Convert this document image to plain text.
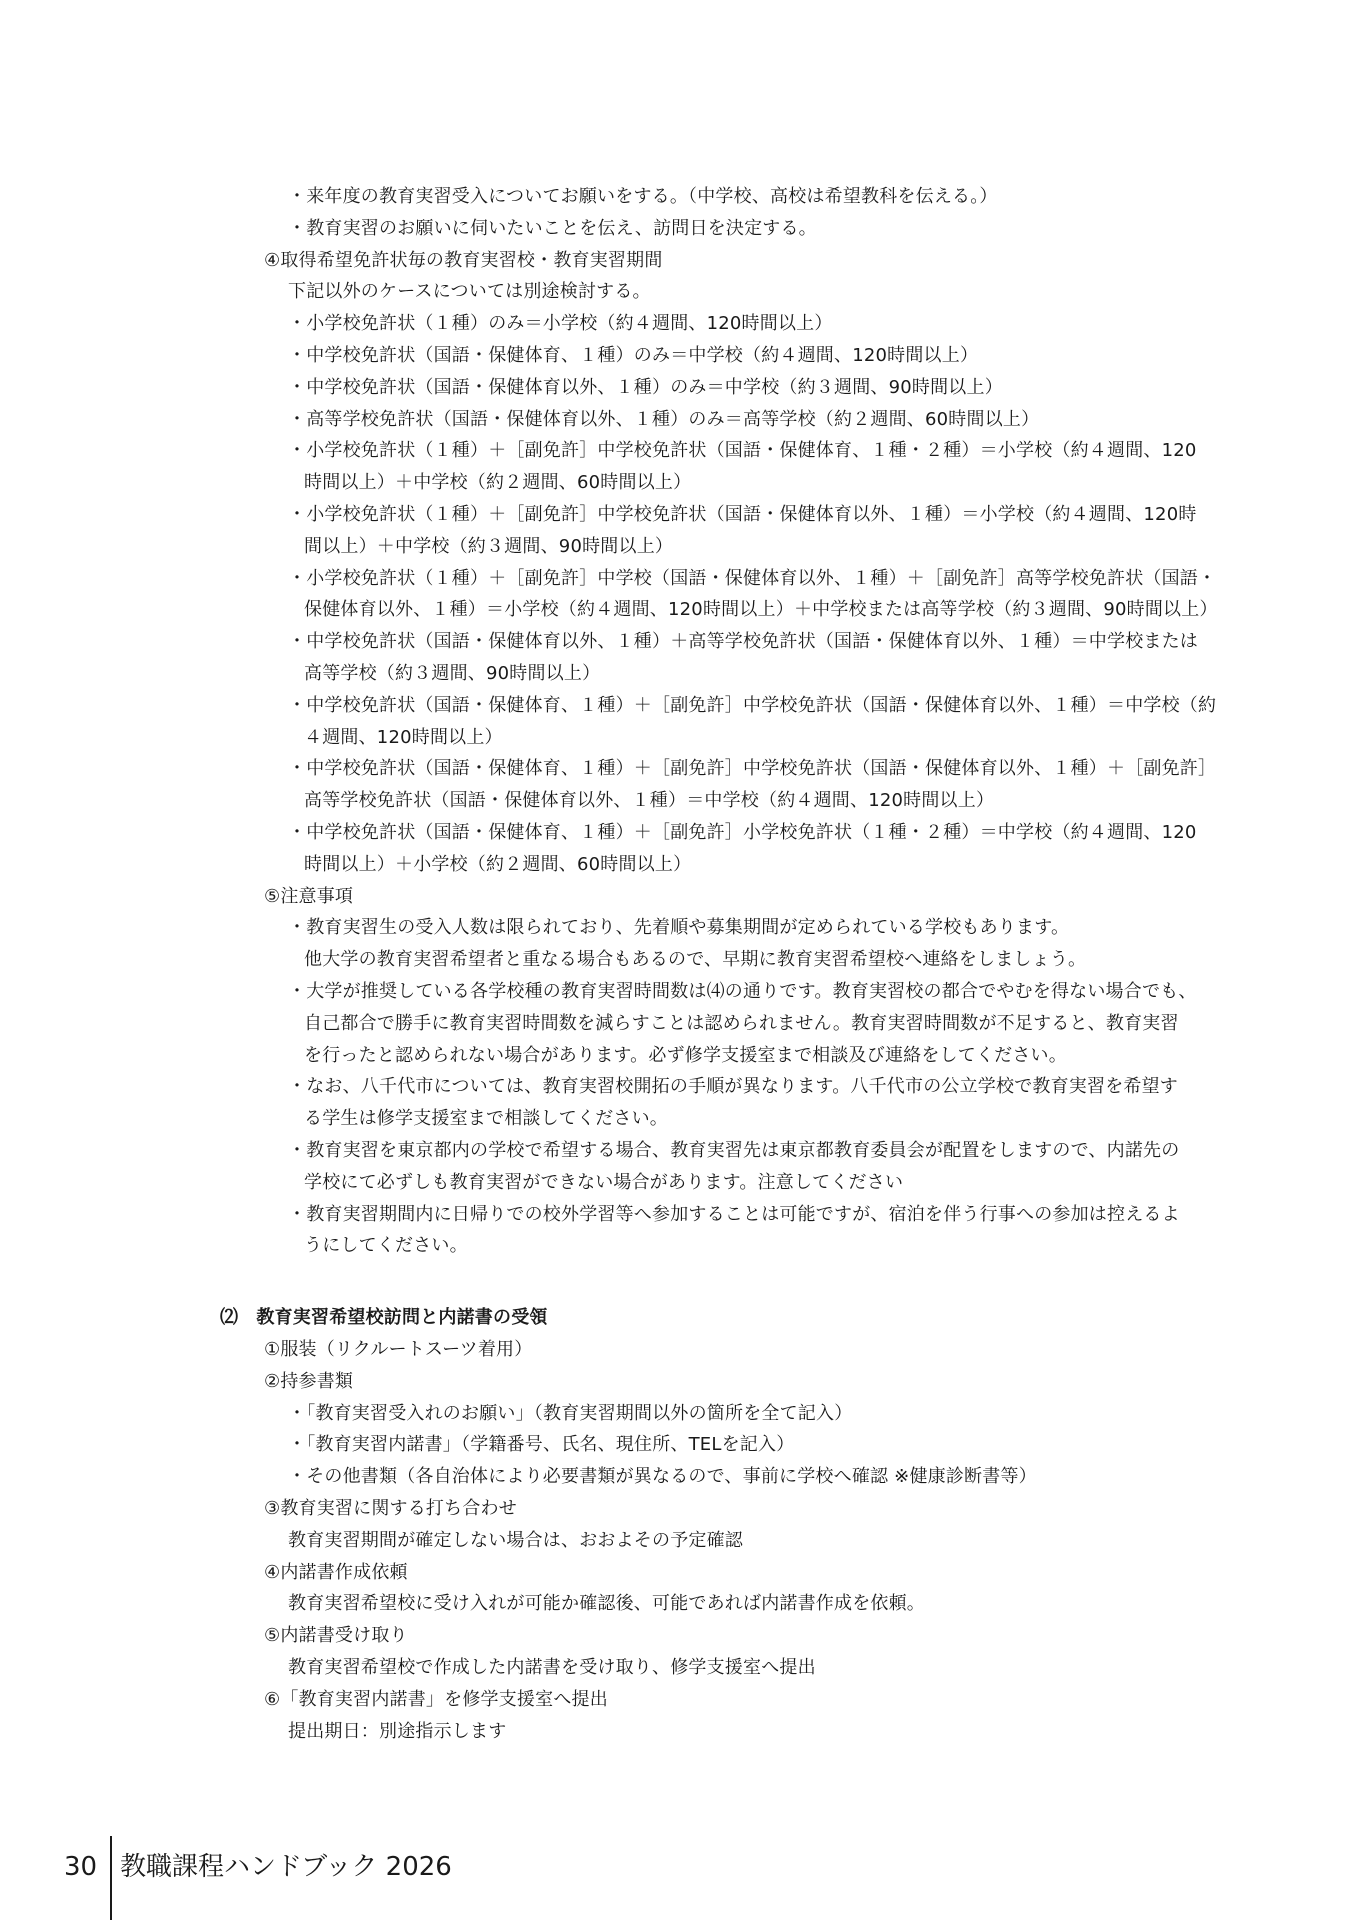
・来年度の教育実習受入についてお願いをする。（中学校、高校は希望教科を伝える。）
・教育実習のお願いに伺いたいことを伝え、訪問日を決定する。
④取得希望免許状毎の教育実習校・教育実習期間
下記以外のケースについては別途検討する。
・小学校免許状（１種）のみ＝小学校（約４週間、120時間以上）
・中学校免許状（国語・保健体育、１種）のみ＝中学校（約４週間、120時間以上）
・中学校免許状（国語・保健体育以外、１種）のみ＝中学校（約３週間、90時間以上）
・高等学校免許状（国語・保健体育以外、１種）のみ＝高等学校（約２週間、60時間以上）
・小学校免許状（１種）＋［副免許］中学校免許状（国語・保健体育、１種・２種）＝小学校（約４週間、120
時間以上）＋中学校（約２週間、60時間以上）
・小学校免許状（１種）＋［副免許］中学校免許状（国語・保健体育以外、１種）＝小学校（約４週間、120時
間以上）＋中学校（約３週間、90時間以上）
・小学校免許状（１種）＋［副免許］中学校（国語・保健体育以外、１種）＋［副免許］高等学校免許状（国語・
保健体育以外、１種）＝小学校（約４週間、120時間以上）＋中学校または高等学校（約３週間、90時間以上）
・中学校免許状（国語・保健体育以外、１種）＋高等学校免許状（国語・保健体育以外、１種）＝中学校または
高等学校（約３週間、90時間以上）
・中学校免許状（国語・保健体育、１種）＋［副免許］中学校免許状（国語・保健体育以外、１種）＝中学校（約
４週間、120時間以上）
・中学校免許状（国語・保健体育、１種）＋［副免許］中学校免許状（国語・保健体育以外、１種）＋［副免許］
高等学校免許状（国語・保健体育以外、１種）＝中学校（約４週間、120時間以上）
・中学校免許状（国語・保健体育、１種）＋［副免許］小学校免許状（１種・２種）＝中学校（約４週間、120
時間以上）＋小学校（約２週間、60時間以上）
⑤注意事項
・教育実習生の受入人数は限られており、先着順や募集期間が定められている学校もあります。
他大学の教育実習希望者と重なる場合もあるので、早期に教育実習希望校へ連絡をしましょう。
・大学が推奨している各学校種の教育実習時間数は⑷の通りです。教育実習校の都合でやむを得ない場合でも、
自己都合で勝手に教育実習時間数を減らすことは認められません。教育実習時間数が不足すると、教育実習
を行ったと認められない場合があります。必ず修学支援室まで相談及び連絡をしてください。
・なお、八千代市については、教育実習校開拓の手順が異なります。八千代市の公立学校で教育実習を希望す
る学生は修学支援室まで相談してください。
・教育実習を東京都内の学校で希望する場合、教育実習先は東京都教育委員会が配置をしますので、内諾先の
学校にて必ずしも教育実習ができない場合があります。注意してください
・教育実習期間内に日帰りでの校外学習等へ参加することは可能ですが、宿泊を伴う行事への参加は控えるよ
うにしてください。
⑵　教育実習希望校訪問と内諾書の受領
①服装（リクルートスーツ着用）
②持参書類
・「教育実習受入れのお願い」（教育実習期間以外の箇所を全て記入）
・「教育実習内諾書」（学籍番号、氏名、現住所、TELを記入）
・その他書類（各自治体により必要書類が異なるので、事前に学校へ確認 ※健康診断書等）
③教育実習に関する打ち合わせ
教育実習期間が確定しない場合は、おおよその予定確認
④内諾書作成依頼
教育実習希望校に受け入れが可能か確認後、可能であれば内諾書作成を依頼。
⑤内諾書受け取り
教育実習希望校で作成した内諾書を受け取り、修学支援室へ提出
⑥「教育実習内諾書」を修学支援室へ提出
提出期日：別途指示します
30 教職課程ハンドブック 2026
